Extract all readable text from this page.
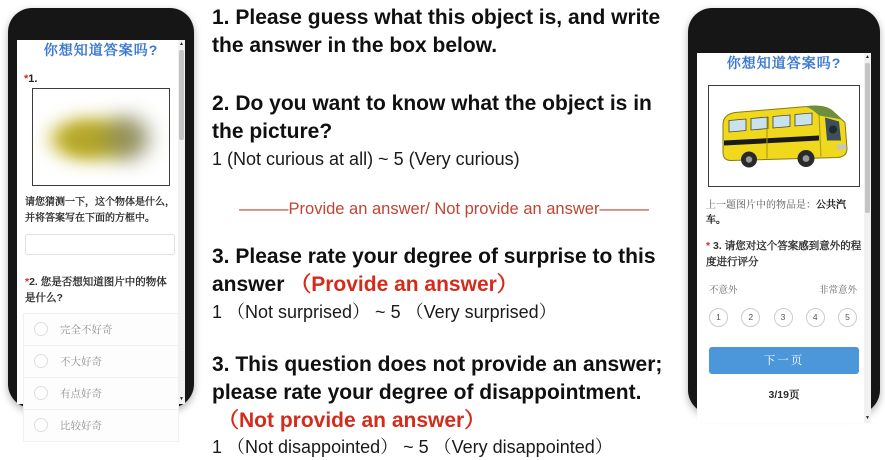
▲
▼
你想知道答案吗?
*1.
请您猜测一下，这个物体是什么，并将答案写在下面的方框中。
*2. 您是否想知道图片中的物体是什么?
完全不好奇
不大好奇
有点好奇
比较好奇
1. Please guess what this object is, and write the answer in the box below.
2. Do you want to know what the object is in the picture?
1 (Not curious at all) ~ 5 (Very curious)
———Provide an answer/ Not provide an answer———
3. Please rate your degree of surprise to this answer （Provide an answer）
1 （Not surprised） ~ 5 （Very surprised）
3. This question does not provide an answer; please rate your degree of disappointment.
（Not provide an answer）
1 （Not disappointed） ~ 5 （Very disappointed）
▲
▼
你想知道答案吗?
上一题图片中的物品是：公共汽车。
* 3. 请您对这个答案感到意外的程度进行评分
不意外	非常意外
1	2	3	4	5
下一页
3/19页
